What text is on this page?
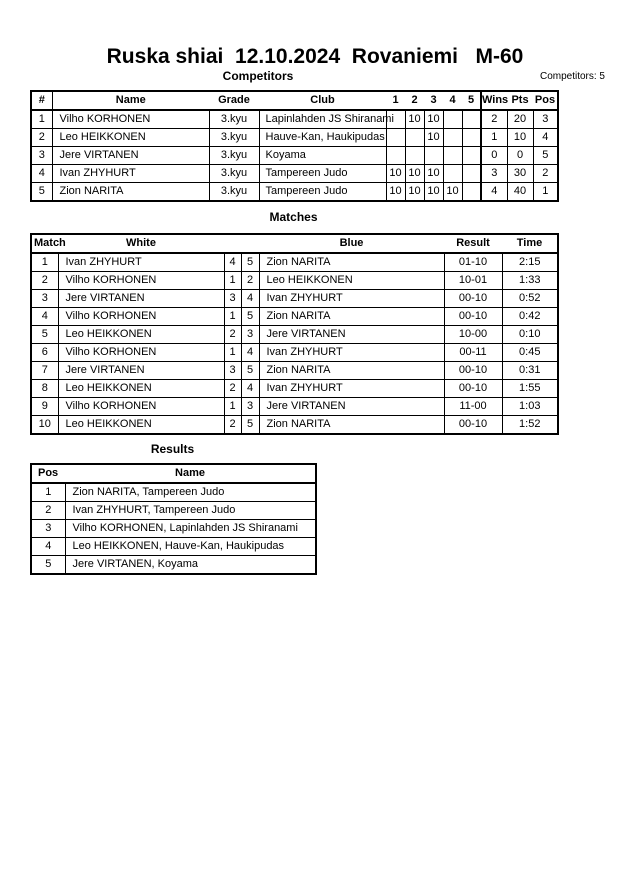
Ruska shiai  12.10.2024  Rovaniemi   M-60
Competitors	Competitors: 5
#	Name	Grade	Club	1	2	3	4	5	Wins	Pts	Pos
1	Vilho KORHONEN	3.kyu	Lapinlahden JS Shiranami		10	10			2	20	3
2	Leo HEIKKONEN	3.kyu	Hauve-Kan, Haukipudas			10			1	10	4
3	Jere VIRTANEN	3.kyu	Koyama						0	0	5
4	Ivan ZHYHURT	3.kyu	Tampereen Judo	10	10	10			3	30	2
5	Zion NARITA	3.kyu	Tampereen Judo	10	10	10	10		4	40	1
Matches
Match	White			Blue	Result	Time
1	Ivan ZHYHURT	4	5	Zion NARITA	01-10	2:15
2	Vilho KORHONEN	1	2	Leo HEIKKONEN	10-01	1:33
3	Jere VIRTANEN	3	4	Ivan ZHYHURT	00-10	0:52
4	Vilho KORHONEN	1	5	Zion NARITA	00-10	0:42
5	Leo HEIKKONEN	2	3	Jere VIRTANEN	10-00	0:10
6	Vilho KORHONEN	1	4	Ivan ZHYHURT	00-11	0:45
7	Jere VIRTANEN	3	5	Zion NARITA	00-10	0:31
8	Leo HEIKKONEN	2	4	Ivan ZHYHURT	00-10	1:55
9	Vilho KORHONEN	1	3	Jere VIRTANEN	11-00	1:03
10	Leo HEIKKONEN	2	5	Zion NARITA	00-10	1:52
Results
Pos	Name
1	Zion NARITA, Tampereen Judo
2	Ivan ZHYHURT, Tampereen Judo
3	Vilho KORHONEN, Lapinlahden JS Shiranami
4	Leo HEIKKONEN, Hauve-Kan, Haukipudas
5	Jere VIRTANEN, Koyama
